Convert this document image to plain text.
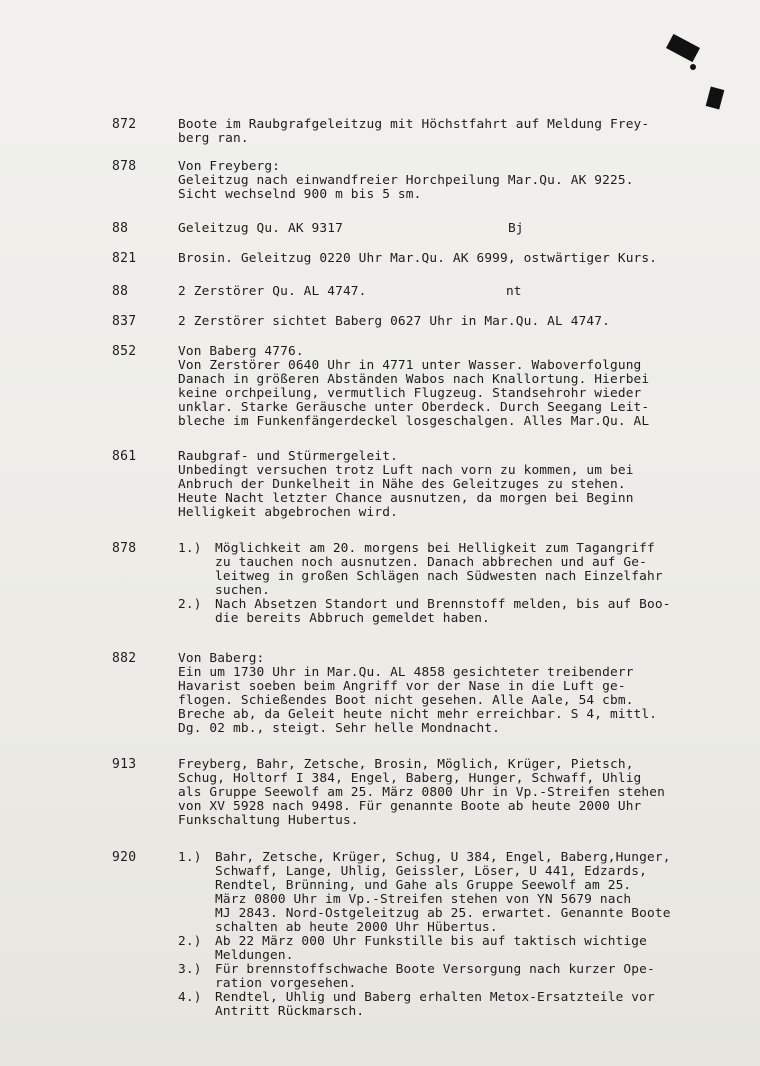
872	Boote im Raubgrafgeleitzug mit Höchstfahrt auf Meldung Frey-
berg ran.
878	Von Freyberg:
Geleitzug nach einwandfreier Horchpeilung Mar.Qu. AK 9225.
Sicht wechselnd 900 m bis 5 sm.
88	Geleitzug Qu. AK 9317	Bj
821	Brosin. Geleitzug 0220 Uhr Mar.Qu. AK 6999, ostwärtiger Kurs.
88	2 Zerstörer Qu. AL 4747.	nt
837	2 Zerstörer sichtet Baberg 0627 Uhr in Mar.Qu. AL 4747.
852	Von Baberg 4776.
Von Zerstörer 0640 Uhr in 4771 unter Wasser. Waboverfolgung
Danach in größeren Abständen Wabos nach Knallortung. Hierbei
keine orchpeilung, vermutlich Flugzeug. Standsehrohr wieder
unklar. Starke Geräusche unter Oberdeck. Durch Seegang Leit-
bleche im Funkenfängerdeckel losgeschalgen. Alles Mar.Qu. AL
861	Raubgraf- und Stürmergeleit.
Unbedingt versuchen trotz Luft nach vorn zu kommen, um bei
Anbruch der Dunkelheit in Nähe des Geleitzuges zu stehen.
Heute Nacht letzter Chance ausnutzen, da morgen bei Beginn
Helligkeit abgebrochen wird.
878	1.) Möglichkeit am 20. morgens bei Helligkeit zum Tagangriff
zu tauchen noch ausnutzen. Danach abbrechen und auf Ge-
leitweg in großen Schlägen nach Südwesten nach Einzelfahr
suchen.
2.) Nach Absetzen Standort und Brennstoff melden, bis auf Boo-
die bereits Abbruch gemeldet haben.
882	Von Baberg:
Ein um 1730 Uhr in Mar.Qu. AL 4858 gesichteter treibenderr
Havarist soeben beim Angriff vor der Nase in die Luft ge-
flogen. Schießendes Boot nicht gesehen. Alle Aale, 54 cbm.
Breche ab, da Geleit heute nicht mehr erreichbar. S 4, mittl.
Dg. 02 mb., steigt. Sehr helle Mondnacht.
913	Freyberg, Bahr, Zetsche, Brosin, Möglich, Krüger, Pietsch,
Schug, Holtorf I 384, Engel, Baberg, Hunger, Schwaff, Uhlig
als Gruppe Seewolf am 25. März 0800 Uhr in Vp.-Streifen stehen
von XV 5928 nach 9498. Für genannte Boote ab heute 2000 Uhr
Funkschaltung Hubertus.
920	1.) Bahr, Zetsche, Krüger, Schug, U 384, Engel, Baberg,Hunger,
Schwaff, Lange, Uhlig, Geissler, Löser, U 441, Edzards,
Rendtel, Brünning, und Gahe als Gruppe Seewolf am 25.
März 0800 Uhr im Vp.-Streifen stehen von YN 5679 nach
MJ 2843. Nord-Ostgeleitzug ab 25. erwartet. Genannte Boote
schalten ab heute 2000 Uhr Hübertus.
2.) Ab 22 März 000 Uhr Funkstille bis auf taktisch wichtige
Meldungen.
3.) Für brennstoffschwache Boote Versorgung nach kurzer Ope-
ration vorgesehen.
4.) Rendtel, Uhlig und Baberg erhalten Metox-Ersatzteile vor
Antritt Rückmarsch.
